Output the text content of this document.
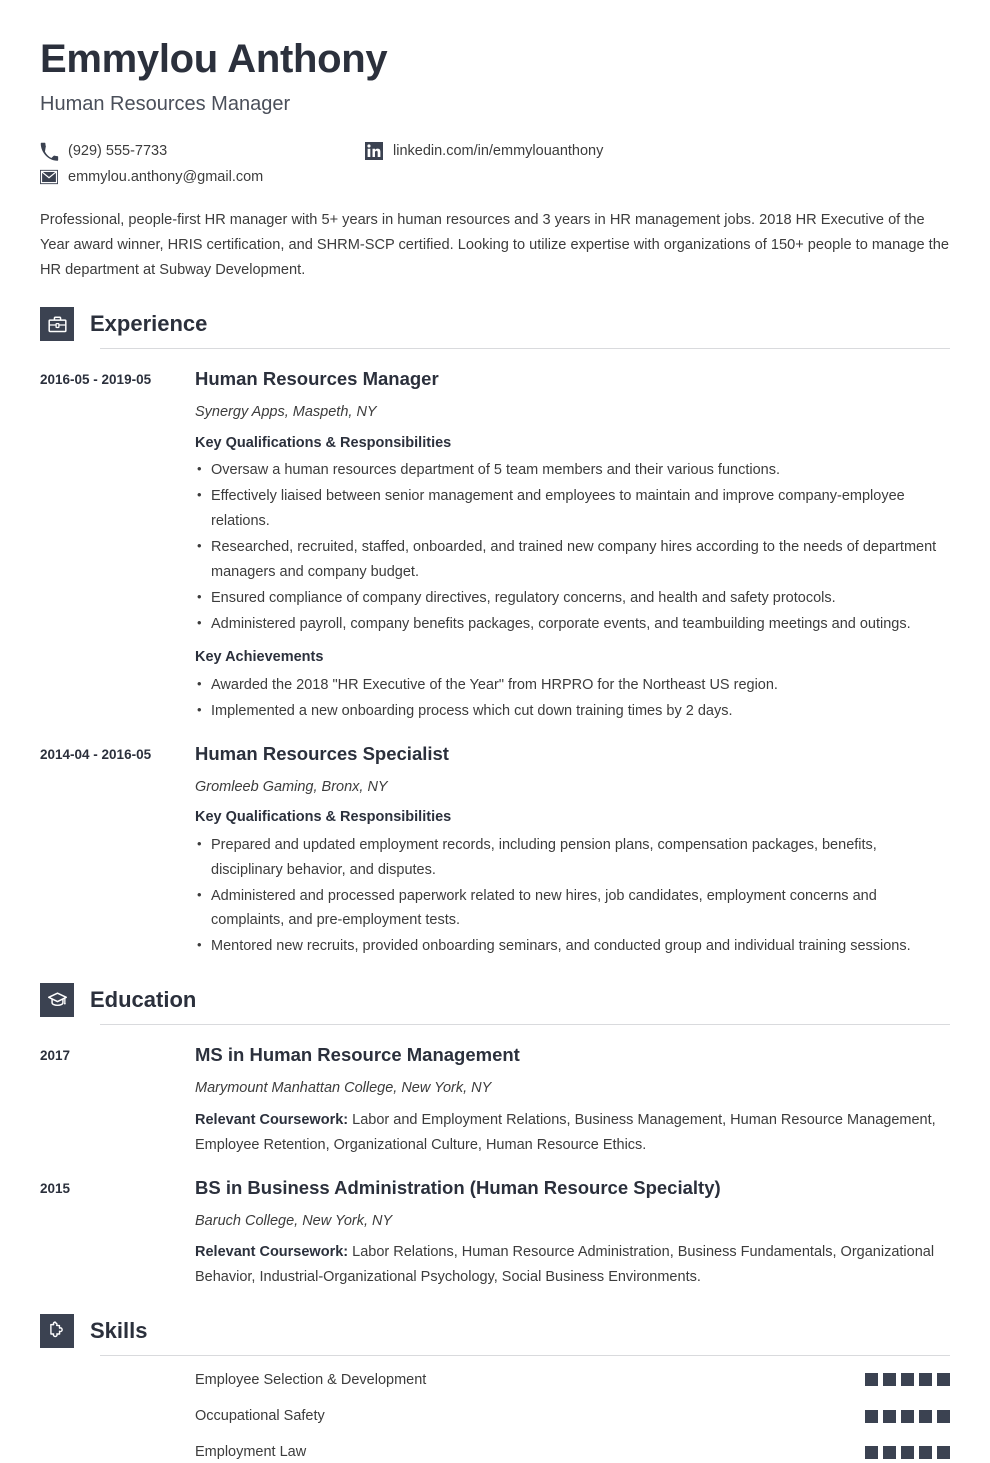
Emmylou Anthony
Human Resources Manager
(929) 555-7733	linkedin.com/in/emmylouanthony
emmylou.anthony@gmail.com
Professional, people-first HR manager with 5+ years in human resources and 3 years in HR management jobs. 2018 HR Executive of the Year award winner, HRIS certification, and SHRM-SCP certified. Looking to utilize expertise with organizations of 150+ people to manage the HR department at Subway Development.
Experience
2016-05 - 2019-05	Human Resources Manager
Synergy Apps, Maspeth, NY
Key Qualifications & Responsibilities
• Oversaw a human resources department of 5 team members and their various functions.
• Effectively liaised between senior management and employees to maintain and improve company-employee relations.
• Researched, recruited, staffed, onboarded, and trained new company hires according to the needs of department managers and company budget.
• Ensured compliance of company directives, regulatory concerns, and health and safety protocols.
• Administered payroll, company benefits packages, corporate events, and teambuilding meetings and outings.
Key Achievements
• Awarded the 2018 "HR Executive of the Year" from HRPRO for the Northeast US region.
• Implemented a new onboarding process which cut down training times by 2 days.
2014-04 - 2016-05	Human Resources Specialist
Gromleeb Gaming, Bronx, NY
Key Qualifications & Responsibilities
• Prepared and updated employment records, including pension plans, compensation packages, benefits, disciplinary behavior, and disputes.
• Administered and processed paperwork related to new hires, job candidates, employment concerns and complaints, and pre-employment tests.
• Mentored new recruits, provided onboarding seminars, and conducted group and individual training sessions.
Education
2017	MS in Human Resource Management
Marymount Manhattan College, New York, NY
Relevant Coursework: Labor and Employment Relations, Business Management, Human Resource Management, Employee Retention, Organizational Culture, Human Resource Ethics.
2015	BS in Business Administration (Human Resource Specialty)
Baruch College, New York, NY
Relevant Coursework: Labor Relations, Human Resource Administration, Business Fundamentals, Organizational Behavior, Industrial-Organizational Psychology, Social Business Environments.
Skills
Employee Selection & Development
Occupational Safety
Employment Law
